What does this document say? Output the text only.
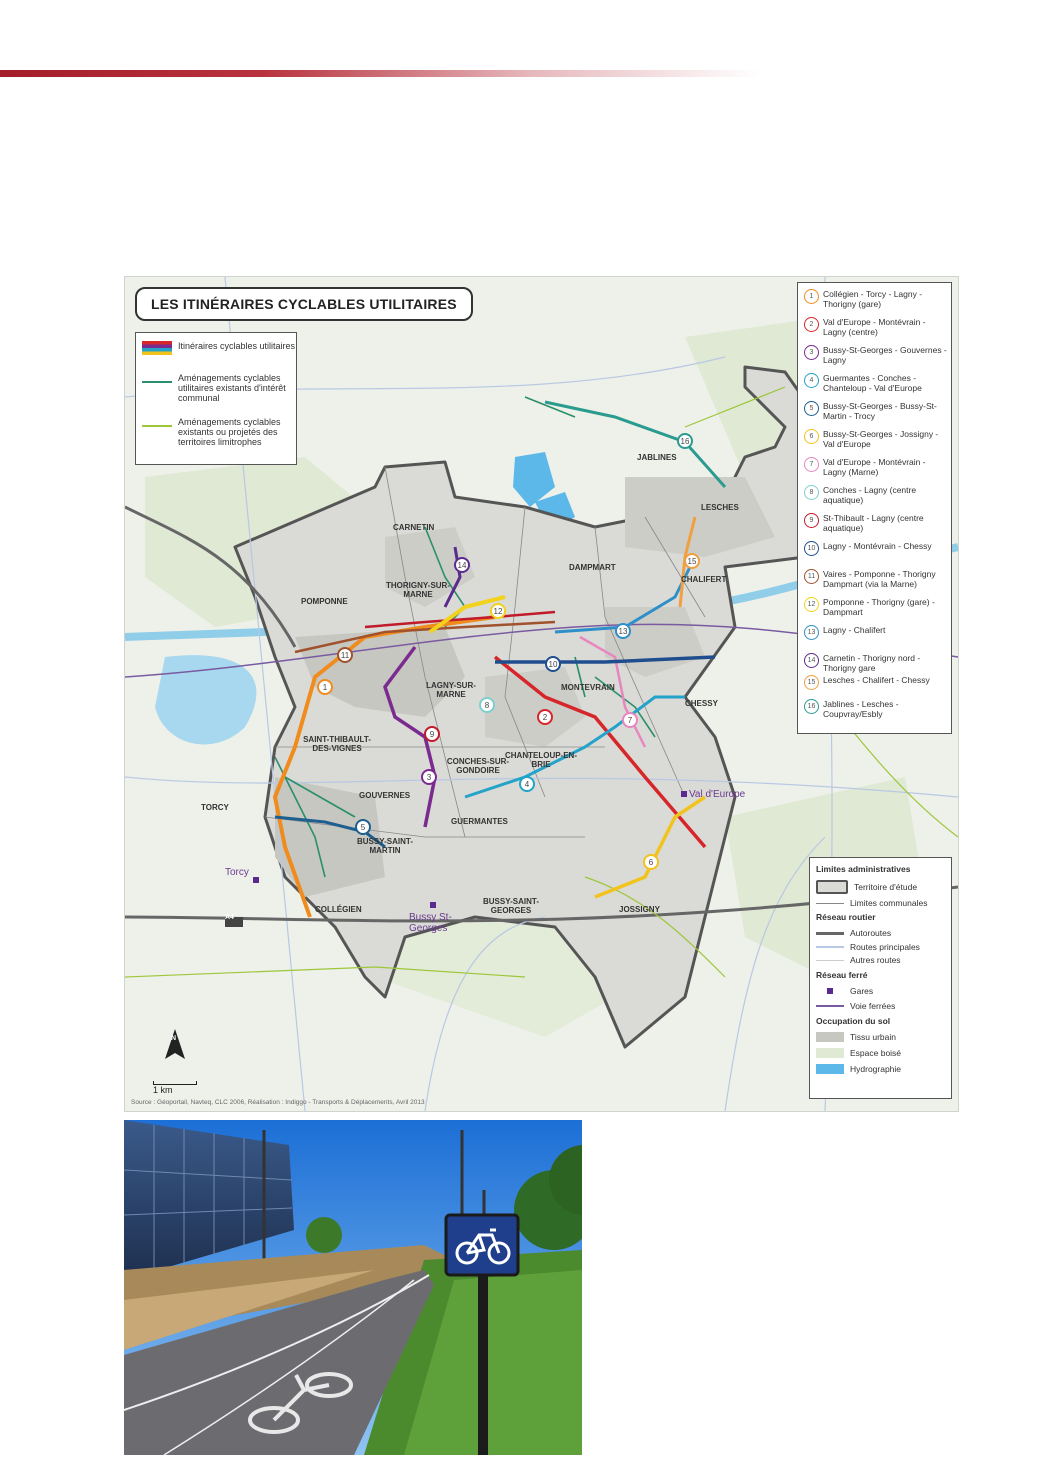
1
2
3
4
5
6
7
8
9
10
11
12
13
14	15
16
LES ITINÉRAIRES CYCLABLES UTILITAIRES
Itinéraires cyclables utilitaires
Aménagements cyclables utilitaires existants d'intérêt communal
Aménagements cyclables existants ou projetés des territoires limitrophes
1	Collégien - Torcy - Lagny - Thorigny (gare)
2	Val d'Europe - Montévrain - Lagny (centre)
3	Bussy-St-Georges - Gouvernes - Lagny
4	Guermantes - Conches - Chanteloup - Val d'Europe
5	Bussy-St-Georges - Bussy-St-Martin - Trocy
6	Bussy-St-Georges - Jossigny - Val d'Europe
7	Val d'Europe - Montévrain - Lagny (Marne)
8	Conches - Lagny (centre aquatique)
9	St-Thibault - Lagny (centre aquatique)
10 Lagny - Montévrain - Chessy
11 Vaires - Pomponne - Thorigny Dampmart (via la Marne)
12 Pomponne - Thorigny (gare) - Dampmart
13 Lagny - Chalifert
14 Carnetin - Thorigny nord - Thorigny gare
15 Lesches - Chalifert - Chessy
16 Jablines - Lesches - Coupvray/Esbly
JABLINES
LESCHES
CARNETIN
DAMPMART
CHALIFERT
POMPONNE
THORIGNY-SUR-MARNE
LAGNY-SUR-MARNE
MONTEVRAIN
CHESSY
SAINT-THIBAULT-DES-VIGNES
CONCHES-SUR-GONDOIRE
CHANTELOUP-EN-BRIE
GOUVERNES
TORCY
GUERMANTES
BUSSY-SAINT-MARTIN
COLLÉGIEN
BUSSY-SAINT-GEORGES	JOSSIGNY
Val d'Europe
Torcy
Bussy St-Georges
Limites administratives
Territoire d'étude
Limites communales
Réseau routier
Autoroutes
Routes principales
Autres routes
Réseau ferré
Gares
Voie ferrées
Occupation du sol
Tissu urbain
Espace boisé
Hydrographie
N
1 km
A4
Source : Géoportail, Navteq, CLC 2006, Réalisation : Indiggo - Transports & Déplacements, Avril 2013
